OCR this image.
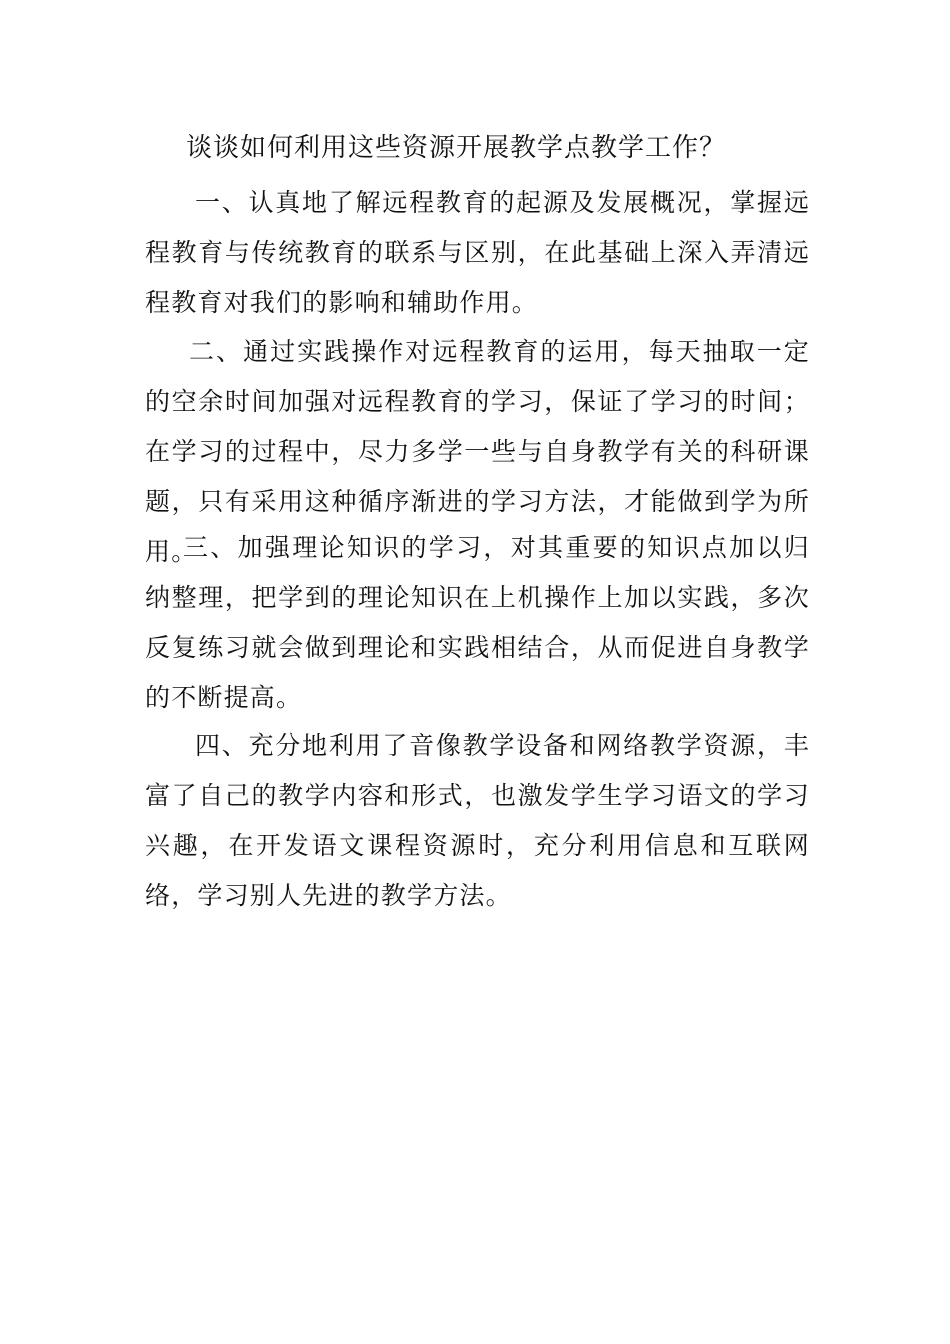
谈谈如何利用这些资源开展教学点教学工作？
一、认真地了解远程教育的起源及发展概况，掌握远程教育与传统教育的联系与区别，在此基础上深入弄清远程教育对我们的影响和辅助作用。
二、通过实践操作对远程教育的运用，每天抽取一定的空余时间加强对远程教育的学习，保证了学习的时间；在学习的过程中，尽力多学一些与自身教学有关的科研课题，只有采用这种循序渐进的学习方法，才能做到学为所用。
三、加强理论知识的学习，对其重要的知识点加以归纳整理，把学到的理论知识在上机操作上加以实践，多次反复练习就会做到理论和实践相结合，从而促进自身教学的不断提高。
四、充分地利用了音像教学设备和网络教学资源，丰富了自己的教学内容和形式，也激发学生学习语文的学习兴趣，在开发语文课程资源时，充分利用信息和互联网络，学习别人先进的教学方法。
